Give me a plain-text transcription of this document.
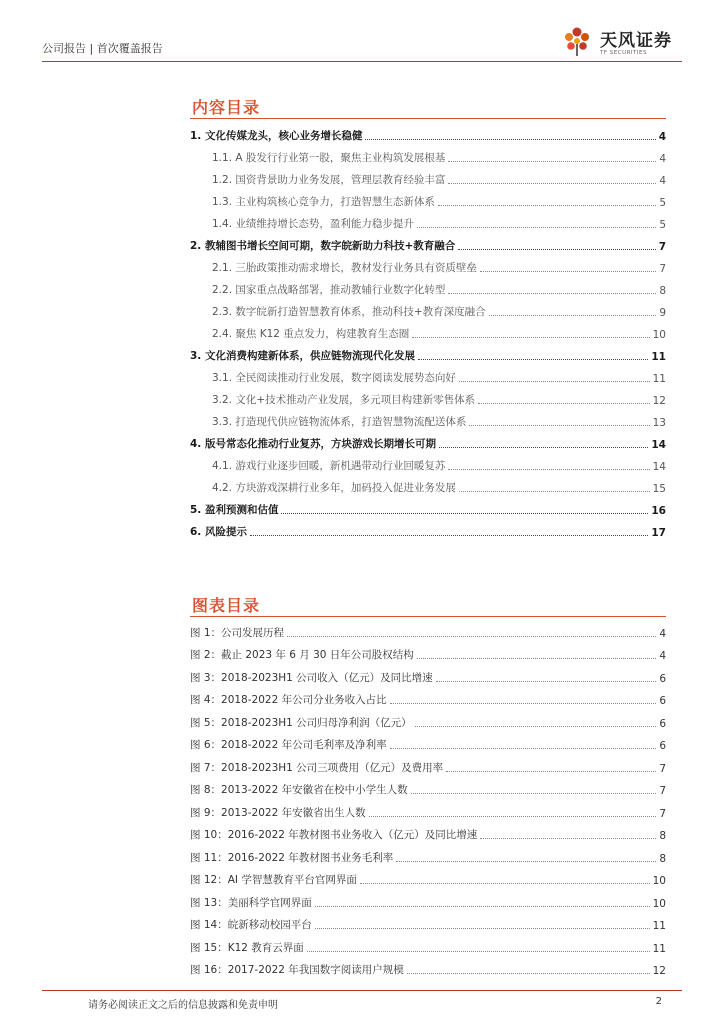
公司报告 | 首次覆盖报告	天风证券
TF SECURITIES
内容目录
1. 文化传媒龙头，核心业务增长稳健	4
1.1. A 股发行行业第一股，聚焦主业构筑发展根基	4
1.2. 国资背景助力业务发展，管理层教育经验丰富	4
1.3. 主业构筑核心竞争力，打造智慧生态新体系	5
1.4. 业绩维持增长态势，盈利能力稳步提升	5
2. 教辅图书增长空间可期，数字皖新助力科技+教育融合	7
2.1. 三胎政策推动需求增长，教材发行业务具有资质壁垒	7
2.2. 国家重点战略部署，推动教辅行业数字化转型	8
2.3. 数字皖新打造智慧教育体系，推动科技+教育深度融合	9
2.4. 聚焦 K12 重点发力，构建教育生态圈	10
3. 文化消费构建新体系，供应链物流现代化发展	11
3.1. 全民阅读推动行业发展，数字阅读发展势态向好	11
3.2. 文化+技术推动产业发展，多元项目构建新零售体系	12
3.3. 打造现代供应链物流体系，打造智慧物流配送体系	13
4. 版号常态化推动行业复苏，方块游戏长期增长可期	14
4.1. 游戏行业逐步回暖，新机遇带动行业回暖复苏	14
4.2. 方块游戏深耕行业多年，加码投入促进业务发展	15
5. 盈利预测和估值	16
6. 风险提示	17
图表目录
图 1：公司发展历程	4
图 2：截止 2023 年 6 月 30 日年公司股权结构	4
图 3：2018-2023H1 公司收入（亿元）及同比增速	6
图 4：2018-2022 年公司分业务收入占比	6
图 5：2018-2023H1 公司归母净利润（亿元）	6
图 6：2018-2022 年公司毛利率及净利率	6
图 7：2018-2023H1 公司三项费用（亿元）及费用率	7
图 8：2013-2022 年安徽省在校中小学生人数	7
图 9：2013-2022 年安徽省出生人数	7
图 10：2016-2022 年教材图书业务收入（亿元）及同比增速	8
图 11：2016-2022 年教材图书业务毛利率	8
图 12：AI 学智慧教育平台官网界面	10
图 13：美丽科学官网界面	10
图 14：皖新移动校园平台	11
图 15：K12 教育云界面	11
图 16：2017-2022 年我国数字阅读用户规模	12
请务必阅读正文之后的信息披露和免责申明	2
